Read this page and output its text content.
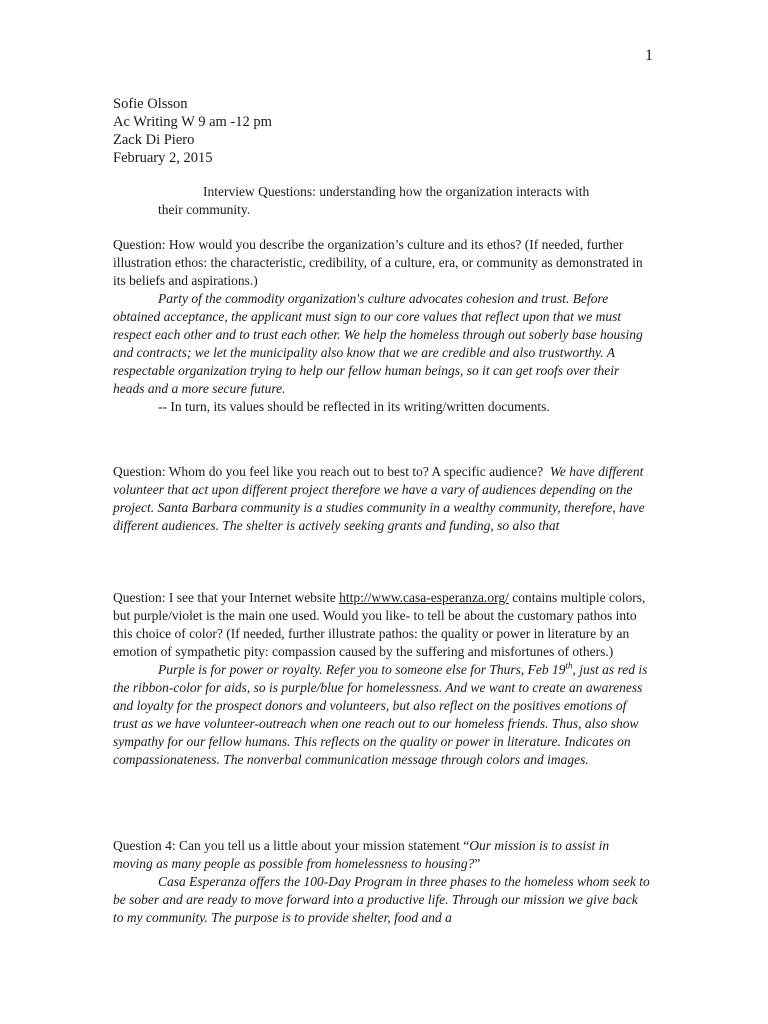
1
Sofie Olsson
Ac Writing W 9 am -12 pm
Zack Di Piero
February 2, 2015
Interview Questions: understanding how the organization interacts with
their community.

Question: How would you describe the organization’s culture and its ethos? (If needed, further illustration ethos: the characteristic, credibility, of a culture, era, or community as demonstrated in its beliefs and aspirations.)

Party of the commodity organization's culture advocates cohesion and trust. Before obtained acceptance, the applicant must sign to our core values that reflect upon that we must respect each other and to trust each other. We help the homeless through out soberly base housing and contracts; we let the municipality also know that we are credible and also trustworthy. A respectable organization trying to help our fellow human beings, so it can get roofs over their heads and a more secure future.

-- In turn, its values should be reflected in its writing/written documents.

Question: Whom do you feel like you reach out to best to? A specific audience? We have different volunteer that act upon different project therefore we have a vary of audiences depending on the project. Santa Barbara community is a studies community in a wealthy community, therefore, have different audiences. The shelter is actively seeking grants and funding, so also that

Question: I see that your Internet website http://www.casa-esperanza.org/ contains multiple colors, but purple/violet is the main one used. Would you like- to tell be about the customary pathos into this choice of color? (If needed, further illustrate pathos: the quality or power in literature by an emotion of sympathetic pity: compassion caused by the suffering and misfortunes of others.)

Purple is for power or royalty. Refer you to someone else for Thurs, Feb 19th, just as red is the ribbon-color for aids, so is purple/blue for homelessness. And we want to create an awareness and loyalty for the prospect donors and volunteers, but also reflect on the positives emotions of trust as we have volunteer-outreach when one reach out to our homeless friends. Thus, also show sympathy for our fellow humans. This reflects on the quality or power in literature. Indicates on compassionateness. The nonverbal communication message through colors and images.

Question 4: Can you tell us a little about your mission statement “Our mission is to assist in moving as many people as possible from homelessness to housing?”

Casa Esperanza offers the 100-Day Program in three phases to the homeless whom seek to be sober and are ready to move forward into a productive life. Through our mission we give back to my community. The purpose is to provide shelter, food and a
